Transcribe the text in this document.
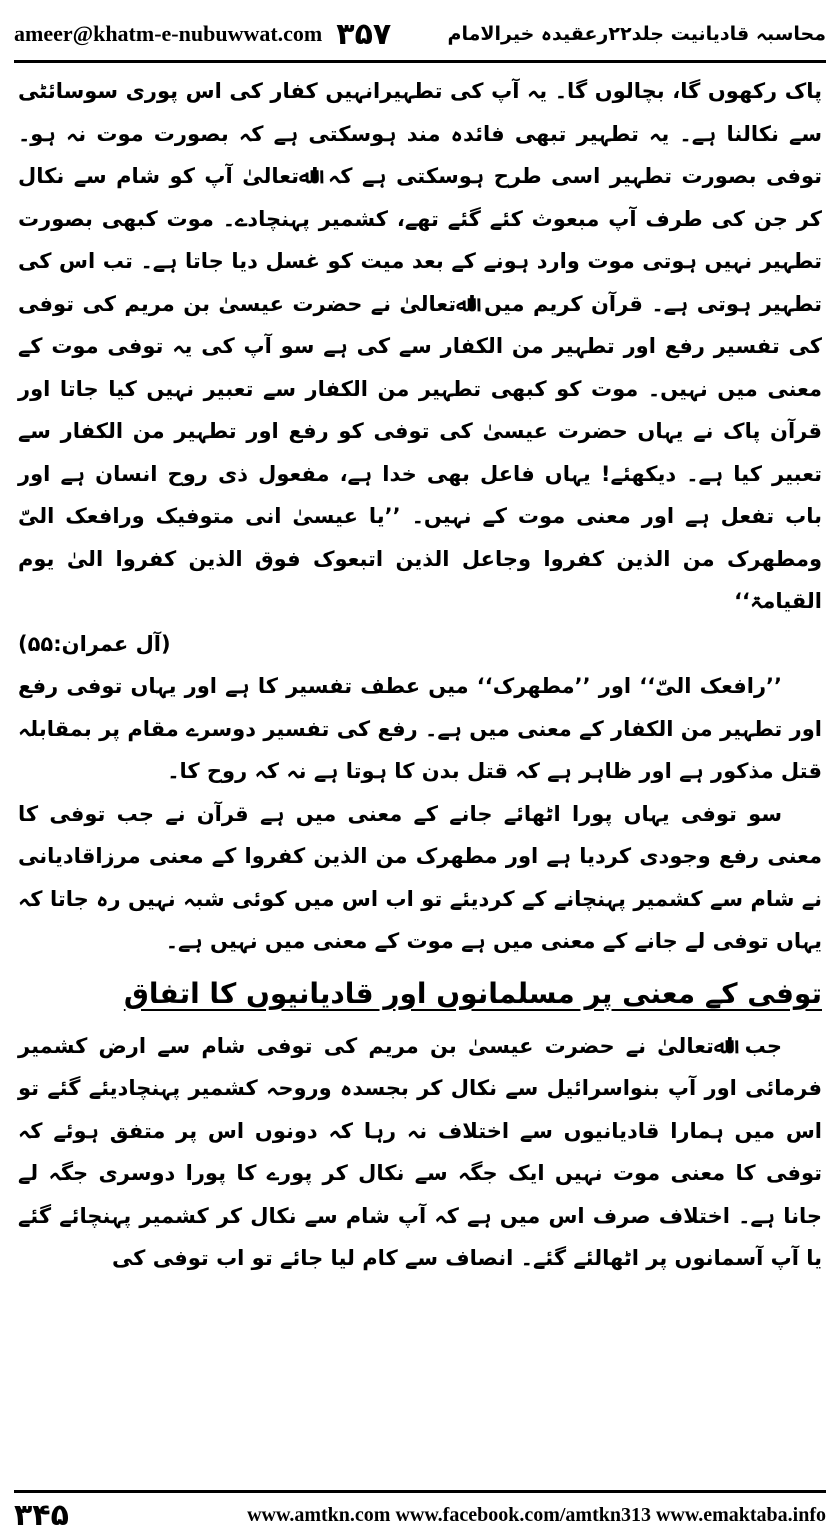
ameer@khatm-e-nubuwwat.com ۳۵۷	محاسبہ قادیانیت جلد۲۲رعقیدہ خیرالامام

پاک رکھوں گا، بچالوں گا۔ یہ آپ کی تطہیرانہیں کفار کی اس پوری سوسائٹی سے نکالنا ہے۔ یہ تطہیر تبھی فائدہ مند ہوسکتی ہے کہ بصورت موت نہ ہو۔ توفی بصورت تطہیر اسی طرح ہوسکتی ہے کہ اﷲتعالیٰ آپ کو شام سے نکال کر جن کی طرف آپ مبعوث کئے گئے تھے، کشمیر پہنچادے۔ موت کبھی بصورت تطہیر نہیں ہوتی موت وارد ہونے کے بعد میت کو غسل دیا جاتا ہے۔ تب اس کی تطہیر ہوتی ہے۔ قرآن کریم میں اﷲتعالیٰ نے حضرت عیسیٰ بن مریم کی توفی کی تفسیر رفع اور تطہیر من الکفار سے کی ہے سو آپ کی یہ توفی موت کے معنی میں نہیں۔ موت کو کبھی تطہیر من الکفار سے تعبیر نہیں کیا جاتا اور قرآن پاک نے یہاں حضرت عیسیٰ کی توفی کو رفع اور تطہیر من الکفار سے تعبیر کیا ہے۔ دیکھئے! یہاں فاعل بھی خدا ہے، مفعول ذی روح انسان ہے اور باب تفعل ہے اور معنی موت کے نہیں۔ ’’یا عیسیٰ انی متوفیک ورافعک الیّ ومطھرک من الذین کفروا وجاعل الذین اتبعوک فوق الذین کفروا الیٰ یوم القیامۃ‘‘

(آل عمران:۵۵)

’’رافعک الیّ‘‘ اور ’’مطھرک‘‘ میں عطف تفسیر کا ہے اور یہاں توفی رفع اور تطہیر من الکفار کے معنی میں ہے۔ رفع کی تفسیر دوسرے مقام پر بمقابلہ قتل مذکور ہے اور ظاہر ہے کہ قتل بدن کا ہوتا ہے نہ کہ روح کا۔

سو توفی یہاں پورا اٹھائے جانے کے معنی میں ہے قرآن نے جب توفی کا معنی رفع وجودی کردیا ہے اور مطھرک من الذین کفروا کے معنی مرزاقادیانی نے شام سے کشمیر پہنچانے کے کردیئے تو اب اس میں کوئی شبہ نہیں رہ جاتا کہ یہاں توفی لے جانے کے معنی میں ہے موت کے معنی میں نہیں ہے۔

توفی کے معنی پر مسلمانوں اور قادیانیوں کا اتفاق

جب اﷲتعالیٰ نے حضرت عیسیٰ بن مریم کی توفی شام سے ارض کشمیر فرمائی اور آپ بنواسرائیل سے نکال کر بجسدہ وروحہ کشمیر پہنچادیئے گئے تو اس میں ہمارا قادیانیوں سے اختلاف نہ رہا کہ دونوں اس پر متفق ہوئے کہ توفی کا معنی موت نہیں ایک جگہ سے نکال کر پورے کا پورا دوسری جگہ لے جانا ہے۔ اختلاف صرف اس میں ہے کہ آپ شام سے نکال کر کشمیر پہنچائے گئے یا آپ آسمانوں پر اٹھالئے گئے۔ انصاف سے کام لیا جائے تو اب توفی کی

۳۴۵	www.amtkn.com www.facebook.com/amtkn313 www.emaktaba.info
